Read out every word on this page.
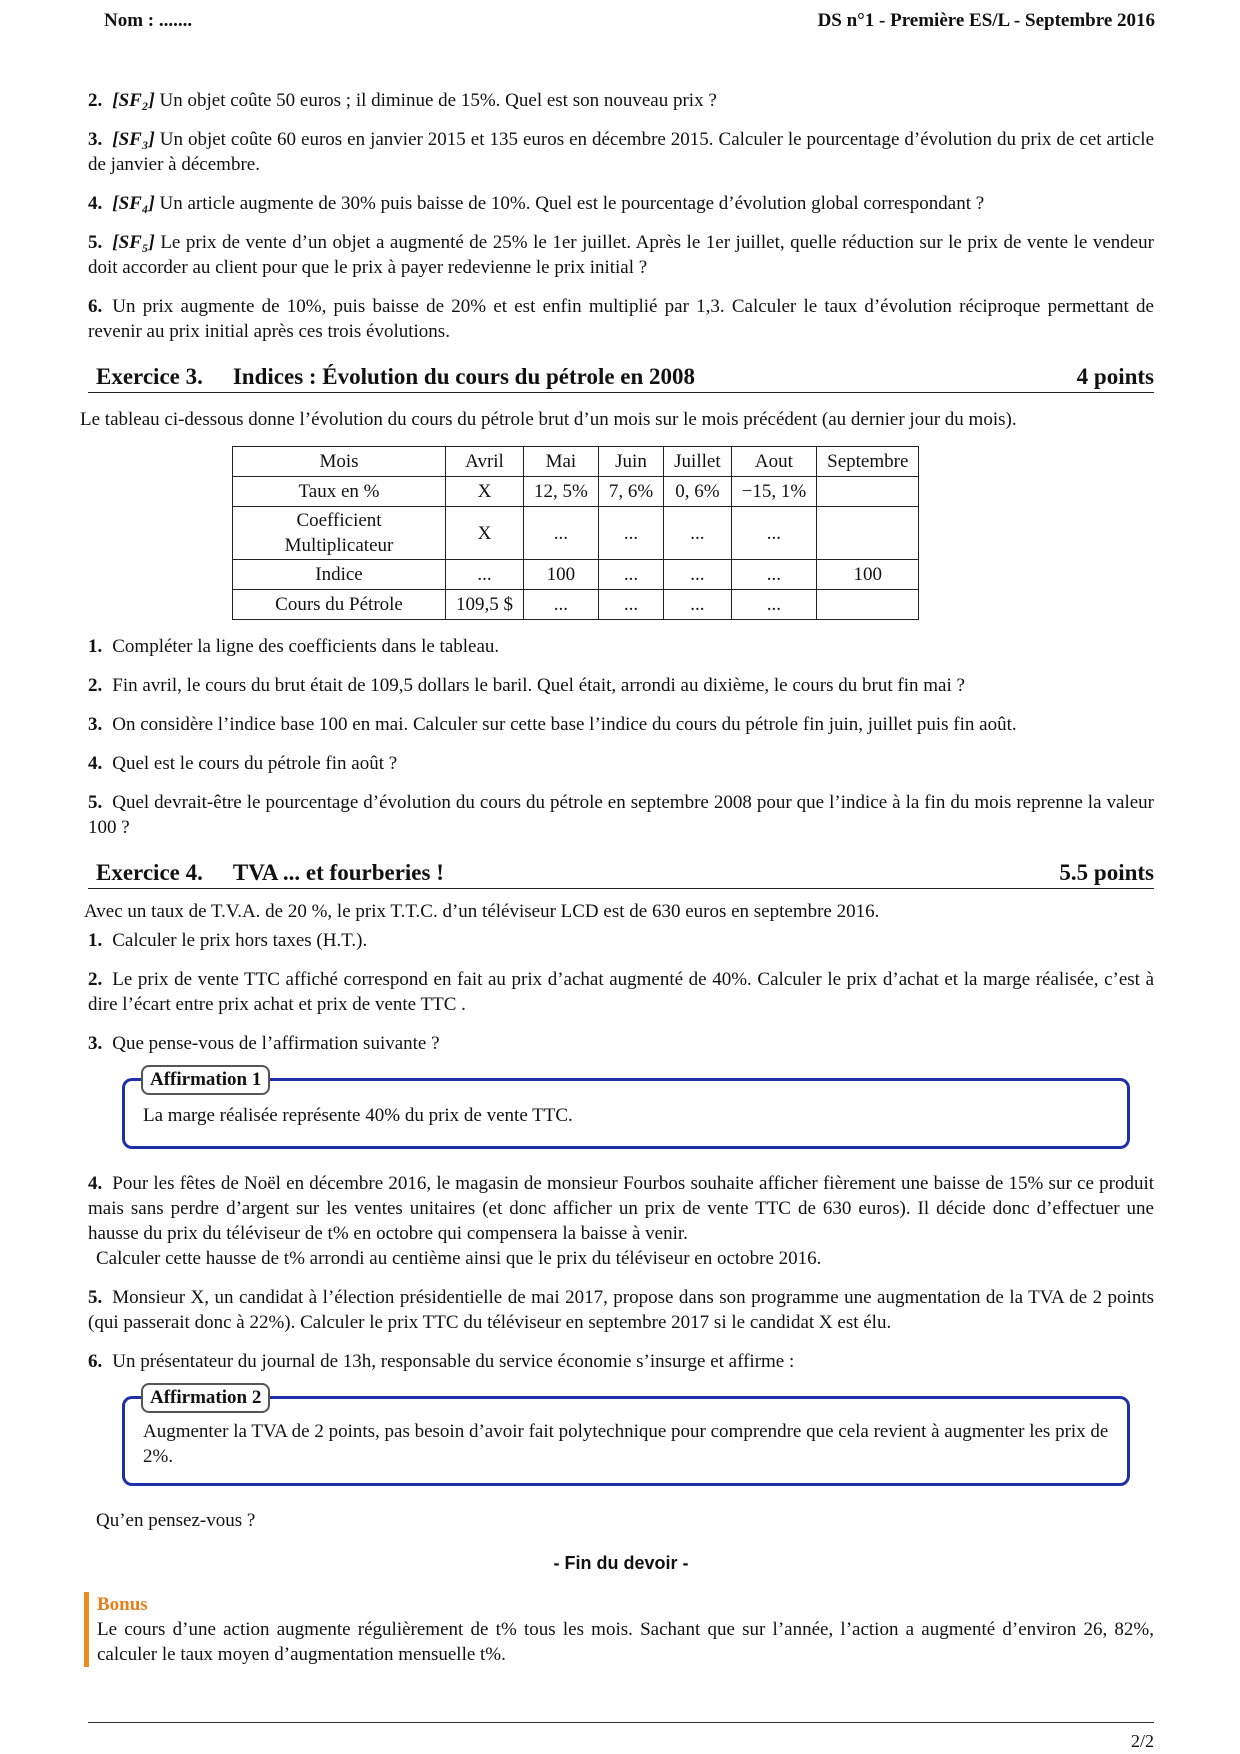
Nom : .......	DS n°1 - Première ES/L - Septembre 2016
2. [SF₂] Un objet coûte 50 euros ; il diminue de 15%. Quel est son nouveau prix ?
3. [SF₃] Un objet coûte 60 euros en janvier 2015 et 135 euros en décembre 2015. Calculer le pourcentage d’évolution du prix de cet article de janvier à décembre.
4. [SF₄] Un article augmente de 30% puis baisse de 10%. Quel est le pourcentage d’évolution global correspondant ?
5. [SF₅] Le prix de vente d’un objet a augmenté de 25% le 1er juillet. Après le 1er juillet, quelle réduction sur le prix de vente le vendeur doit accorder au client pour que le prix à payer redevienne le prix initial ?
6. Un prix augmente de 10%, puis baisse de 20% et est enfin multiplié par 1,3. Calculer le taux d’évolution réciproque permettant de revenir au prix initial après ces trois évolutions.
Exercice 3. Indices : Évolution du cours du pétrole en 2008	4 points
Le tableau ci-dessous donne l’évolution du cours du pétrole brut d’un mois sur le mois précédent (au dernier jour du mois).
Mois	Avril	Mai	Juin	Juillet	Aout	Septembre
Taux en %	X	12, 5%	7, 6%	0, 6%	−15, 1%	
Coefficient Multiplicateur	X	...	...	...	...	
Indice	...	100	...	...	...	100
Cours du Pétrole	109,5 $	...	...	...	...	
1. Compléter la ligne des coefficients dans le tableau.
2. Fin avril, le cours du brut était de 109,5 dollars le baril. Quel était, arrondi au dixième, le cours du brut fin mai ?
3. On considère l’indice base 100 en mai. Calculer sur cette base l’indice du cours du pétrole fin juin, juillet puis fin août.
4. Quel est le cours du pétrole fin août ?
5. Quel devrait-être le pourcentage d’évolution du cours du pétrole en septembre 2008 pour que l’indice à la fin du mois reprenne la valeur 100 ?
Exercice 4. TVA ... et fourberies !	5.5 points
Avec un taux de T.V.A. de 20 %, le prix T.T.C. d’un téléviseur LCD est de 630 euros en septembre 2016.
1. Calculer le prix hors taxes (H.T.).
2. Le prix de vente TTC affiché correspond en fait au prix d’achat augmenté de 40%. Calculer le prix d’achat et la marge réalisée, c’est à dire l’écart entre prix achat et prix de vente TTC .
3. Que pense-vous de l’affirmation suivante ?
Affirmation 1
La marge réalisée représente 40% du prix de vente TTC.
4. Pour les fêtes de Noël en décembre 2016, le magasin de monsieur Fourbos souhaite afficher fièrement une baisse de 15% sur ce produit mais sans perdre d’argent sur les ventes unitaires (et donc afficher un prix de vente TTC de 630 euros). Il décide donc d’effectuer une hausse du prix du téléviseur de t% en octobre qui compensera la baisse à venir.
Calculer cette hausse de t% arrondi au centième ainsi que le prix du téléviseur en octobre 2016.
5. Monsieur X, un candidat à l’élection présidentielle de mai 2017, propose dans son programme une augmentation de la TVA de 2 points (qui passerait donc à 22%). Calculer le prix TTC du téléviseur en septembre 2017 si le candidat X est élu.
6. Un présentateur du journal de 13h, responsable du service économie s’insurge et affirme :
Affirmation 2
Augmenter la TVA de 2 points, pas besoin d’avoir fait polytechnique pour comprendre que cela revient à augmenter les prix de 2%.
Qu’en pensez-vous ?
- Fin du devoir -
Bonus
Le cours d’une action augmente régulièrement de t% tous les mois. Sachant que sur l’année, l’action a augmenté d’environ 26, 82%, calculer le taux moyen d’augmentation mensuelle t%.
2/2
